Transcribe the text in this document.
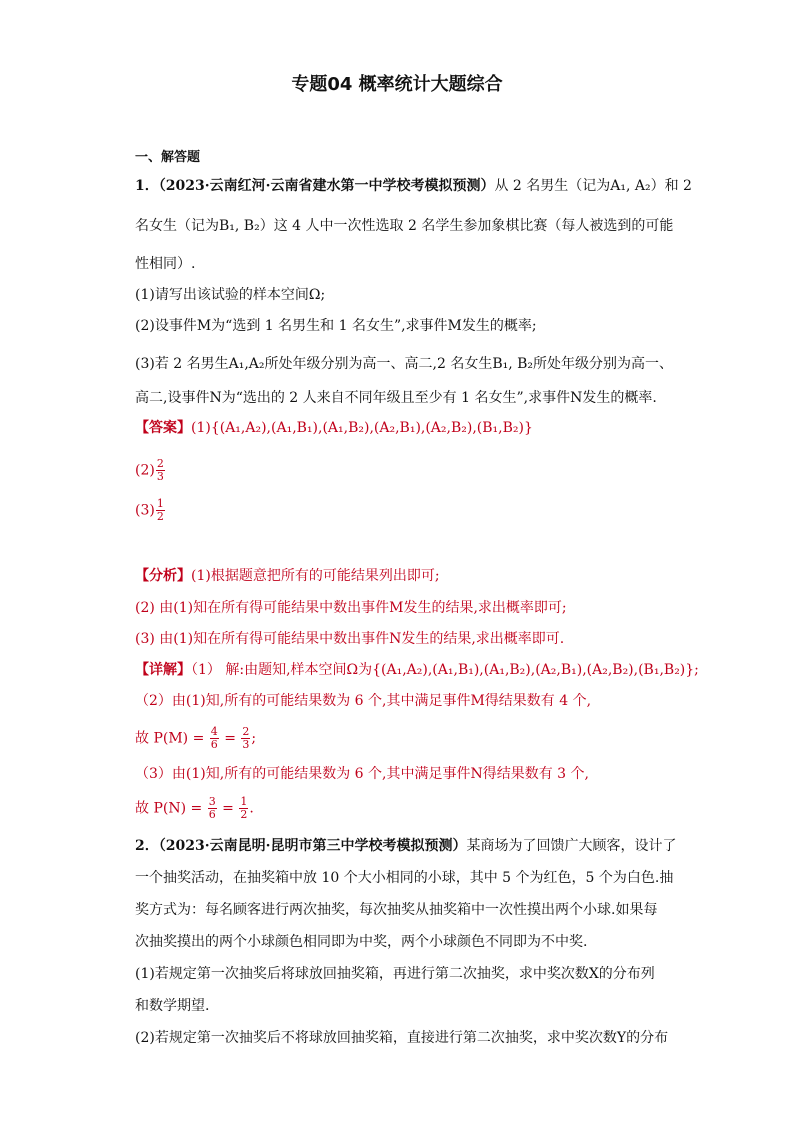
专题04 概率统计大题综合
一、解答题
1．（2023·云南红河·云南省建水第一中学校考模拟预测）从 2 名男生（记为A₁, A₂）和 2
名女生（记为B₁, B₂）这 4 人中一次性选取 2 名学生参加象棋比赛（每人被选到的可能
性相同）.
(1)请写出该试验的样本空间Ω;
(2)设事件M为“选到 1 名男生和 1 名女生”,求事件M发生的概率;
(3)若 2 名男生A₁,A₂所处年级分别为高一、高二,2 名女生B₁, B₂所处年级分别为高一、
高二,设事件N为“选出的 2 人来自不同年级且至少有 1 名女生”,求事件N发生的概率.
【答案】(1){(A₁,A₂),(A₁,B₁),(A₁,B₂),(A₂,B₁),(A₂,B₂),(B₁,B₂)}
$(2) \frac{2}{3}$
$(3) \frac{1}{2}$
【分析】(1)根据题意把所有的可能结果列出即可;
(2) 由(1)知在所有得可能结果中数出事件M发生的结果,求出概率即可;
(3) 由(1)知在所有得可能结果中数出事件N发生的结果,求出概率即可.
【详解】（1） 解:由题知,样本空间Ω为{(A₁,A₂),(A₁,B₁),(A₁,B₂),(A₂,B₁),(A₂,B₂),(B₁,B₂)};
（2）由(1)知,所有的可能结果数为 6 个,其中满足事件M得结果数有 4 个,
故 $P(M) = \frac{4}{6} = \frac{2}{3}$ ;
（3）由(1)知,所有的可能结果数为 6 个,其中满足事件N得结果数有 3 个,
故 $P(N) = \frac{3}{6} = \frac{1}{2}$ .
2．（2023·云南昆明·昆明市第三中学校考模拟预测）某商场为了回馈广大顾客，设计了
一个抽奖活动，在抽奖箱中放 10 个大小相同的小球，其中 5 个为红色，5 个为白色.抽
奖方式为：每名顾客进行两次抽奖，每次抽奖从抽奖箱中一次性摸出两个小球.如果每
次抽奖摸出的两个小球颜色相同即为中奖，两个小球颜色不同即为不中奖.
(1)若规定第一次抽奖后将球放回抽奖箱，再进行第二次抽奖，求中奖次数X的分布列
和数学期望.
(2)若规定第一次抽奖后不将球放回抽奖箱，直接进行第二次抽奖，求中奖次数Y的分布
